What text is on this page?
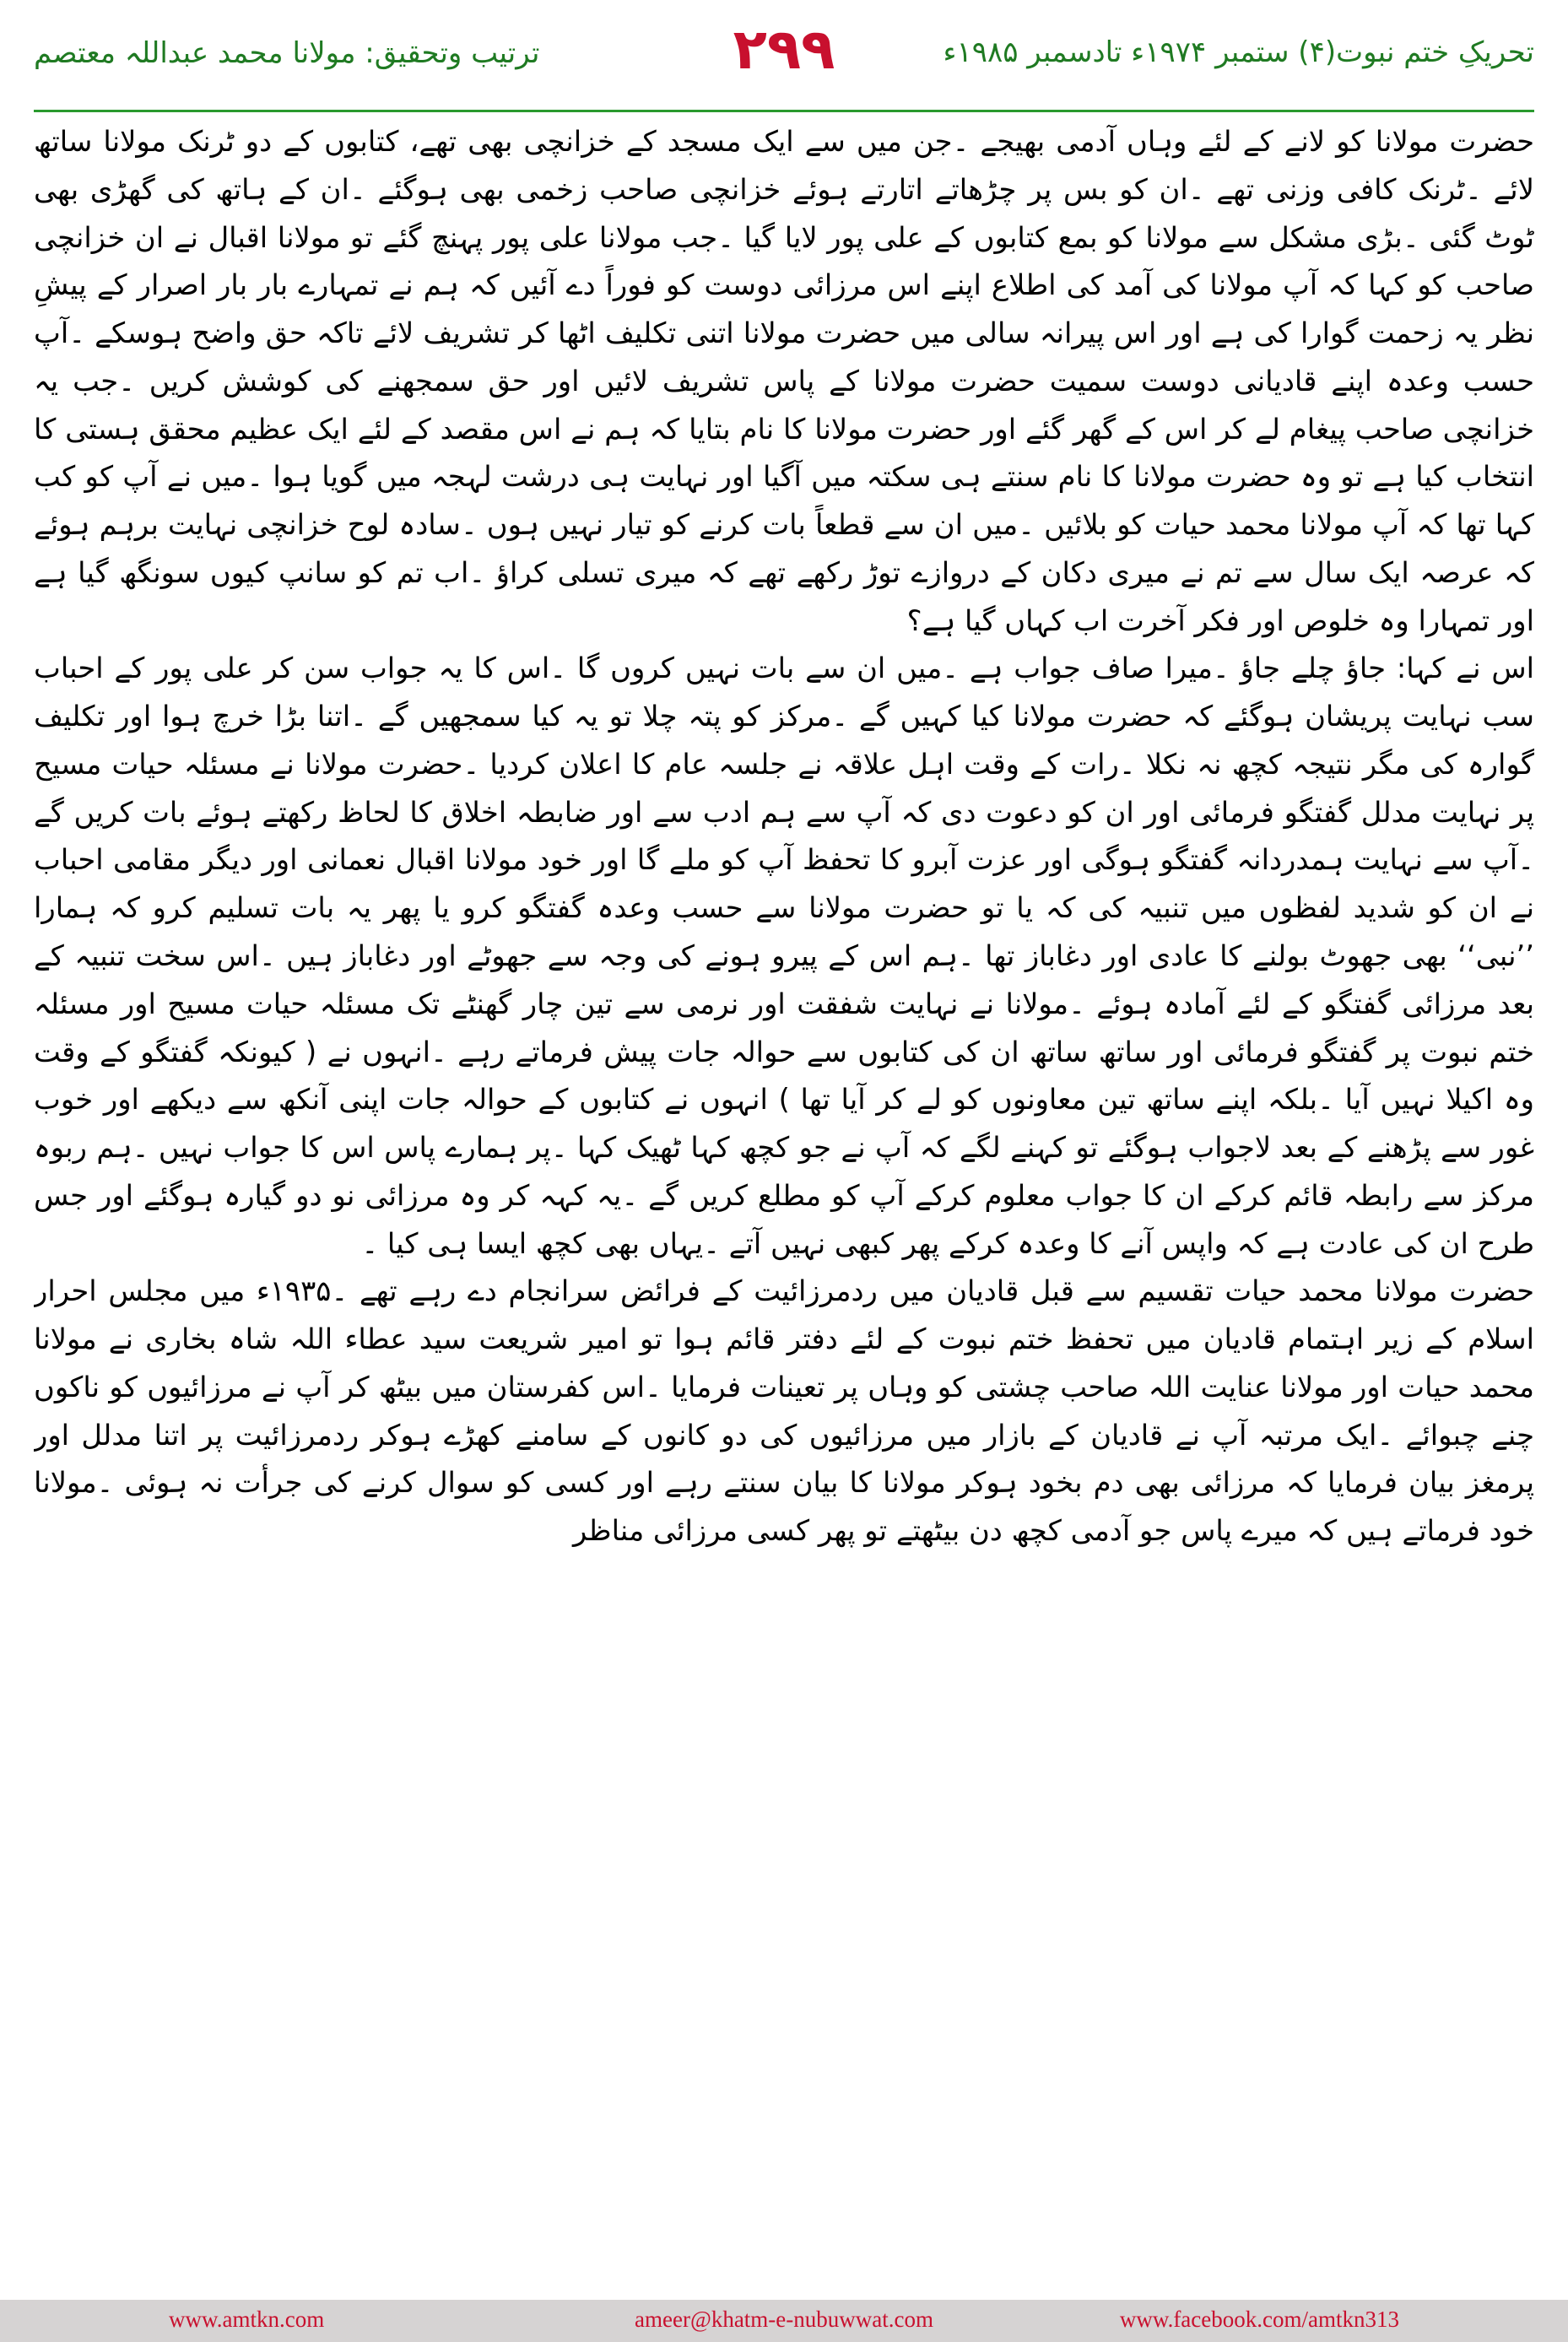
ترتیب وتحقیق: مولانا محمد عبداللہ معتصم	۲۹۹	تحریکِ ختم نبوت(۴) ستمبر ۱۹۷۴ء تادسمبر ۱۹۸۵ء

حضرت مولانا کو لانے کے لئے وہاں آدمی بھیجے ۔جن میں سے ایک مسجد کے خزانچی بھی تھے، کتابوں کے دو ٹرنک مولانا ساتھ لائے ۔ٹرنک کافی وزنی تھے ۔ان کو بس پر چڑھاتے اتارتے ہوئے خزانچی صاحب زخمی بھی ہوگئے ۔ان کے ہاتھ کی گھڑی بھی ٹوٹ گئی ۔بڑی مشکل سے مولانا کو بمع کتابوں کے علی پور لایا گیا ۔جب مولانا علی پور پہنچ گئے تو مولانا اقبال نے ان خزانچی صاحب کو کہا کہ آپ مولانا کی آمد کی اطلاع اپنے اس مرزائی دوست کو فوراً دے آئیں کہ ہم نے تمہارے بار بار اصرار کے پیشِ نظر یہ زحمت گوارا کی ہے اور اس پیرانہ سالی میں حضرت مولانا اتنی تکلیف اٹھا کر تشریف لائے تاکہ حق واضح ہوسکے ۔آپ حسب وعدہ اپنے قادیانی دوست سمیت حضرت مولانا کے پاس تشریف لائیں اور حق سمجھنے کی کوشش کریں ۔جب یہ خزانچی صاحب پیغام لے کر اس کے گھر گئے اور حضرت مولانا کا نام بتایا کہ ہم نے اس مقصد کے لئے ایک عظیم محقق ہستی کا انتخاب کیا ہے تو وہ حضرت مولانا کا نام سنتے ہی سکتہ میں آگیا اور نہایت ہی درشت لہجہ میں گویا ہوا ۔میں نے آپ کو کب کہا تھا کہ آپ مولانا محمد حیات کو بلائیں ۔میں ان سے قطعاً بات کرنے کو تیار نہیں ہوں ۔سادہ لوح خزانچی نہایت برہم ہوئے کہ عرصہ ایک سال سے تم نے میری دکان کے دروازے توڑ رکھے تھے کہ میری تسلی کراؤ ۔اب تم کو سانپ کیوں سونگھ گیا ہے اور تمہارا وہ خلوص اور فکر آخرت اب کہاں گیا ہے؟

اس نے کہا: جاؤ چلے جاؤ ۔میرا صاف جواب ہے ۔میں ان سے بات نہیں کروں گا ۔اس کا یہ جواب سن کر علی پور کے احباب سب نہایت پریشان ہوگئے کہ حضرت مولانا کیا کہیں گے ۔مرکز کو پتہ چلا تو یہ کیا سمجھیں گے ۔اتنا بڑا خرچ ہوا اور تکلیف گوارہ کی مگر نتیجہ کچھ نہ نکلا ۔رات کے وقت اہل علاقہ نے جلسہ عام کا اعلان کردیا ۔حضرت مولانا نے مسئلہ حیات مسیح پر نہایت مدلل گفتگو فرمائی اور ان کو دعوت دی کہ آپ سے ہم ادب سے اور ضابطہ اخلاق کا لحاظ رکھتے ہوئے بات کریں گے ۔آپ سے نہایت ہمدردانہ گفتگو ہوگی اور عزت آبرو کا تحفظ آپ کو ملے گا اور خود مولانا اقبال نعمانی اور دیگر مقامی احباب نے ان کو شدید لفظوں میں تنبیہ کی کہ یا تو حضرت مولانا سے حسب وعدہ گفتگو کرو یا پھر یہ بات تسلیم کرو کہ ہمارا ’’نبی‘‘ بھی جھوٹ بولنے کا عادی اور دغاباز تھا ۔ہم اس کے پیرو ہونے کی وجہ سے جھوٹے اور دغاباز ہیں ۔اس سخت تنبیہ کے بعد مرزائی گفتگو کے لئے آمادہ ہوئے ۔مولانا نے نہایت شفقت اور نرمی سے تین چار گھنٹے تک مسئلہ حیات مسیح اور مسئلہ ختم نبوت پر گفتگو فرمائی اور ساتھ ساتھ ان کی کتابوں سے حوالہ جات پیش فرماتے رہے ۔انہوں نے ( کیونکہ گفتگو کے وقت وہ اکیلا نہیں آیا ۔بلکہ اپنے ساتھ تین معاونوں کو لے کر آیا تھا ) انہوں نے کتابوں کے حوالہ جات اپنی آنکھ سے دیکھے اور خوب غور سے پڑھنے کے بعد لاجواب ہوگئے تو کہنے لگے کہ آپ نے جو کچھ کہا ٹھیک کہا ۔پر ہمارے پاس اس کا جواب نہیں ۔ہم ربوہ مرکز سے رابطہ قائم کرکے ان کا جواب معلوم کرکے آپ کو مطلع کریں گے ۔یہ کہہ کر وہ مرزائی نو دو گیارہ ہوگئے اور جس طرح ان کی عادت ہے کہ واپس آنے کا وعدہ کرکے پھر کبھی نہیں آتے ۔یہاں بھی کچھ ایسا ہی کیا ۔

حضرت مولانا محمد حیات تقسیم سے قبل قادیان میں ردمرزائیت کے فرائض سرانجام دے رہے تھے ۔۱۹۳۵ء میں مجلس احرار اسلام کے زیر اہتمام قادیان میں تحفظ ختم نبوت کے لئے دفتر قائم ہوا تو امیر شریعت سید عطاء اللہ شاہ بخاری نے مولانا محمد حیات اور مولانا عنایت اللہ صاحب چشتی کو وہاں پر تعینات فرمایا ۔اس کفرستان میں بیٹھ کر آپ نے مرزائیوں کو ناکوں چنے چبوائے ۔ایک مرتبہ آپ نے قادیان کے بازار میں مرزائیوں کی دو کانوں کے سامنے کھڑے ہوکر ردمرزائیت پر اتنا مدلل اور پرمغز بیان فرمایا کہ مرزائی بھی دم بخود ہوکر مولانا کا بیان سنتے رہے اور کسی کو سوال کرنے کی جرأت نہ ہوئی ۔مولانا خود فرماتے ہیں کہ میرے پاس جو آدمی کچھ دن بیٹھتے تو پھر کسی مرزائی مناظر

www.amtkn.com	ameer@khatm-e-nubuwwat.com	www.facebook.com/amtkn313
